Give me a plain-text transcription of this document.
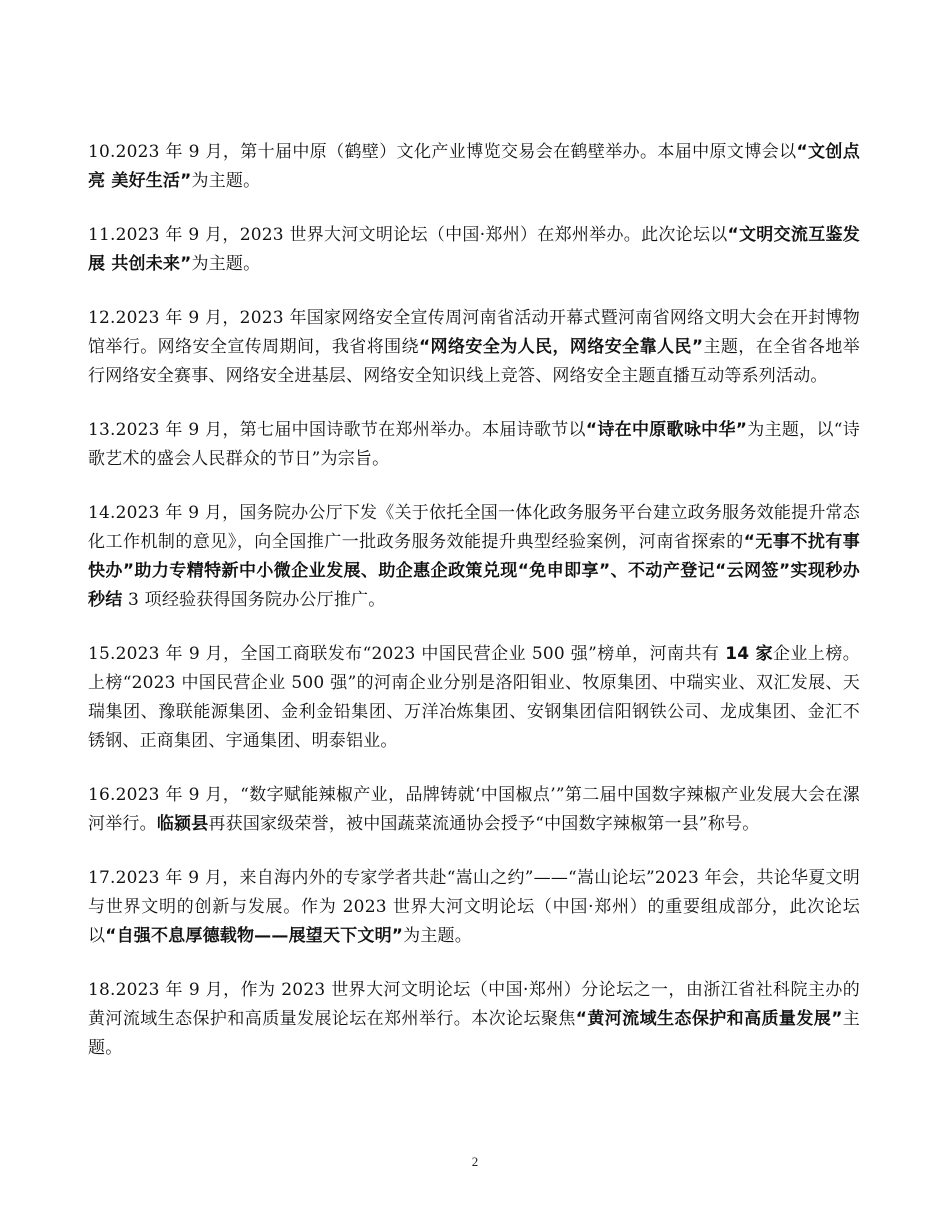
10.2023 年 9 月，第十届中原（鹤壁）文化产业博览交易会在鹤壁举办。本届中原文博会以“文创点亮 美好生活”为主题。

11.2023 年 9 月，2023 世界大河文明论坛（中国·郑州）在郑州举办。此次论坛以“文明交流互鉴发展 共创未来”为主题。

12.2023 年 9 月，2023 年国家网络安全宣传周河南省活动开幕式暨河南省网络文明大会在开封博物馆举行。网络安全宣传周期间，我省将围绕“网络安全为人民，网络安全靠人民”主题，在全省各地举行网络安全赛事、网络安全进基层、网络安全知识线上竞答、网络安全主题直播互动等系列活动。

13.2023 年 9 月，第七届中国诗歌节在郑州举办。本届诗歌节以“诗在中原歌咏中华”为主题，以“诗歌艺术的盛会人民群众的节日”为宗旨。

14.2023 年 9 月，国务院办公厅下发《关于依托全国一体化政务服务平台建立政务服务效能提升常态化工作机制的意见》，向全国推广一批政务服务效能提升典型经验案例，河南省探索的“无事不扰有事快办”助力专精特新中小微企业发展、助企惠企政策兑现“免申即享”、不动产登记“云网签”实现秒办秒结 3 项经验获得国务院办公厅推广。

15.2023 年 9 月，全国工商联发布“2023 中国民营企业 500 强”榜单，河南共有 14 家企业上榜。上榜“2023 中国民营企业 500 强”的河南企业分别是洛阳钼业、牧原集团、中瑞实业、双汇发展、天瑞集团、豫联能源集团、金利金铅集团、万洋冶炼集团、安钢集团信阳钢铁公司、龙成集团、金汇不锈钢、正商集团、宇通集团、明泰铝业。

16.2023 年 9 月，“数字赋能辣椒产业，品牌铸就‘中国椒点’”第二届中国数字辣椒产业发展大会在漯河举行。临颍县再获国家级荣誉，被中国蔬菜流通协会授予“中国数字辣椒第一县”称号。

17.2023 年 9 月，来自海内外的专家学者共赴“嵩山之约”——“嵩山论坛”2023 年会，共论华夏文明与世界文明的创新与发展。作为 2023 世界大河文明论坛（中国·郑州）的重要组成部分，此次论坛以“自强不息厚德载物——展望天下文明”为主题。

18.2023 年 9 月，作为 2023 世界大河文明论坛（中国·郑州）分论坛之一，由浙江省社科院主办的黄河流域生态保护和高质量发展论坛在郑州举行。本次论坛聚焦“黄河流域生态保护和高质量发展”主题。

2
